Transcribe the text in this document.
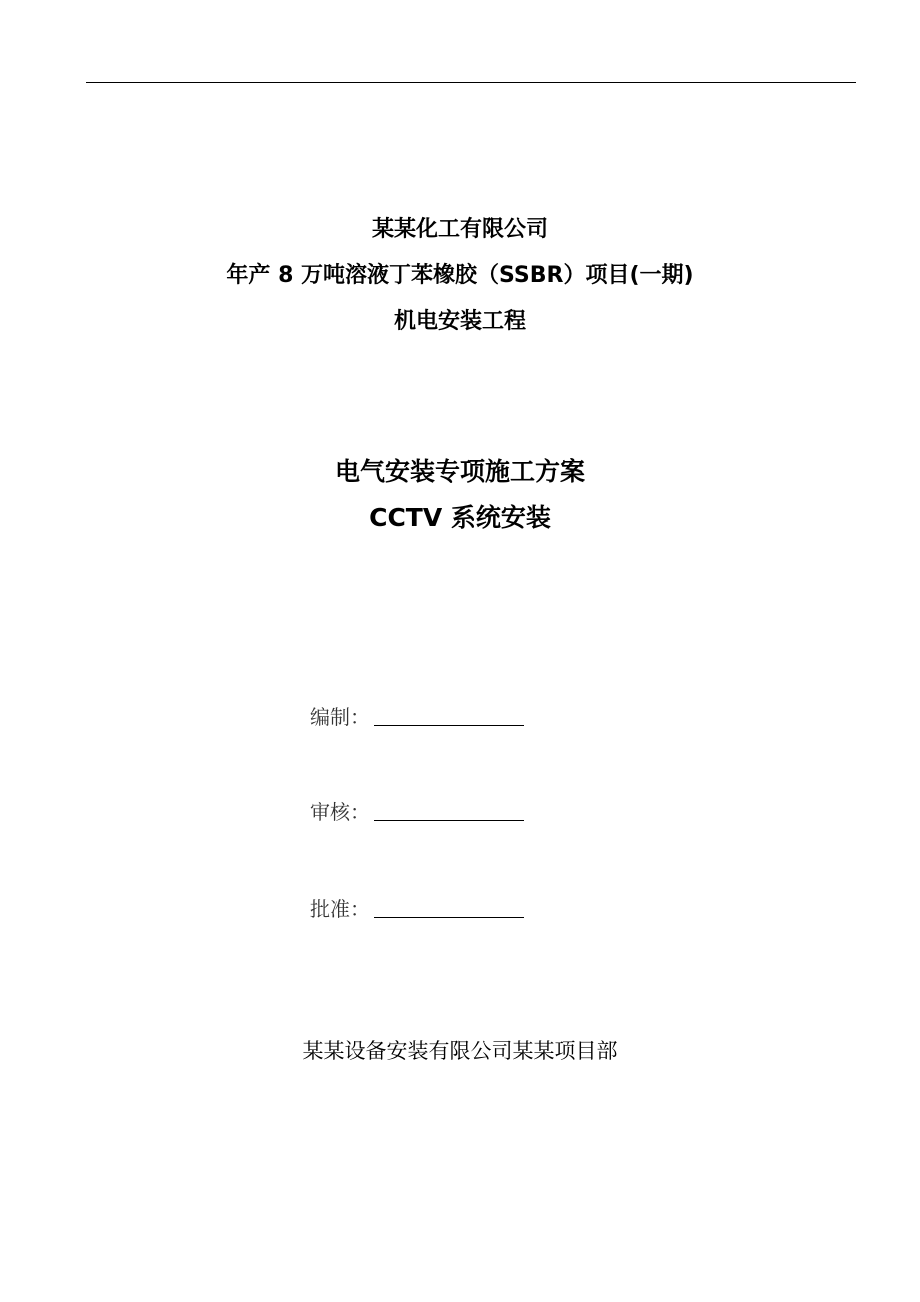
某某化工有限公司
年产 8 万吨溶液丁苯橡胶（SSBR）项目(一期)
机电安装工程
电气安装专项施工方案
CCTV 系统安装
编制：
审核：
批准：
某某设备安装有限公司某某项目部
